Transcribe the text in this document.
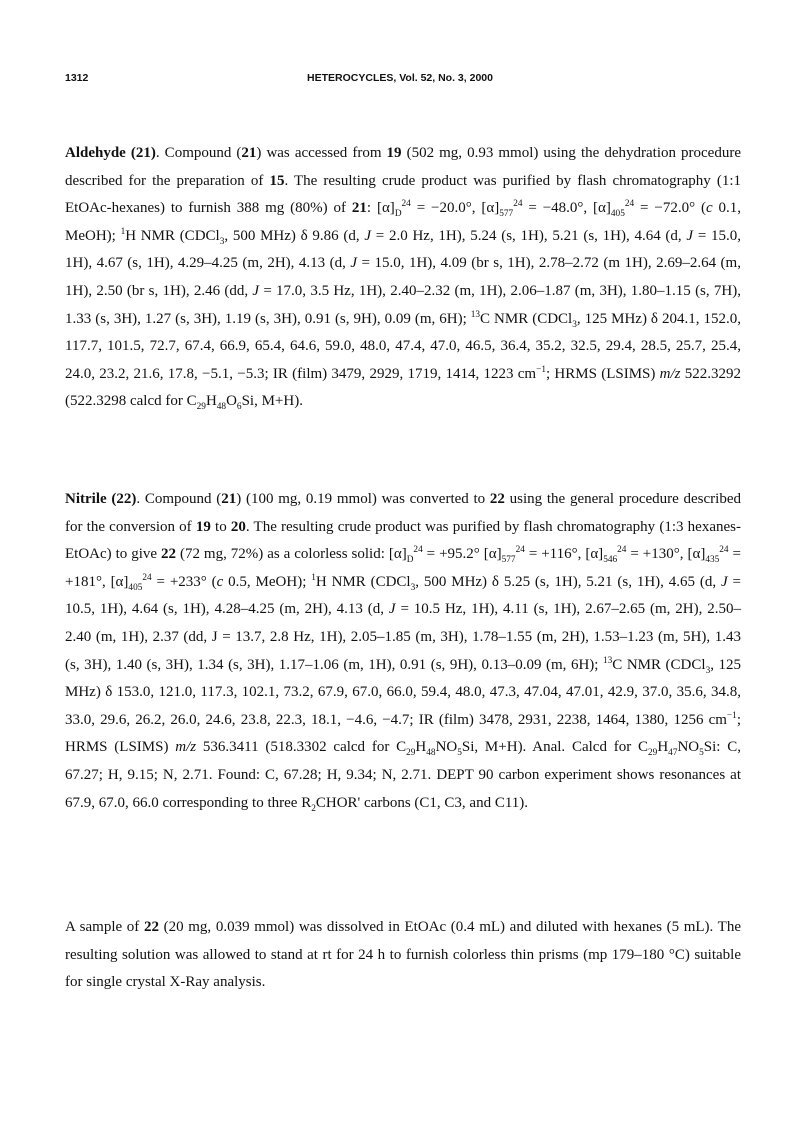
1312	HETEROCYCLES, Vol. 52, No. 3, 2000
Aldehyde (21). Compound (21) was accessed from 19 (502 mg, 0.93 mmol) using the dehydration procedure described for the preparation of 15. The resulting crude product was purified by flash chromatography (1:1 EtOAc-hexanes) to furnish 388 mg (80%) of 21: $[\alpha]_D^{24} = -20.0^\circ$, $[\alpha]_{577}^{24} = -48.0^\circ$, $[\alpha]_{405}^{24} = -72.0^\circ$ (c 0.1, MeOH); $^1$H NMR (CDCl$_3$, 500 MHz) δ 9.86 (d, J = 2.0 Hz, 1H), 5.24 (s, 1H), 5.21 (s, 1H), 4.64 (d, J = 15.0, 1H), 4.67 (s, 1H), 4.29–4.25 (m, 2H), 4.13 (d, J = 15.0, 1H), 4.09 (br s, 1H), 2.78–2.72 (m 1H), 2.69–2.64 (m, 1H), 2.50 (br s, 1H), 2.46 (dd, J = 17.0, 3.5 Hz, 1H), 2.40–2.32 (m, 1H), 2.06–1.87 (m, 3H), 1.80–1.15 (s, 7H), 1.33 (s, 3H), 1.27 (s, 3H), 1.19 (s, 3H), 0.91 (s, 9H), 0.09 (m, 6H); $^{13}$C NMR (CDCl$_3$, 125 MHz) δ 204.1, 152.0, 117.7, 101.5, 72.7, 67.4, 66.9, 65.4, 64.6, 59.0, 48.0, 47.4, 47.0, 46.5, 36.4, 35.2, 32.5, 29.4, 28.5, 25.7, 25.4, 24.0, 23.2, 21.6, 17.8, −5.1, −5.3; IR (film) 3479, 2929, 1719, 1414, 1223 $cm^{-1}$; HRMS (LSIMS) m/z 522.3292 (522.3298 calcd for $C_{29}H_{48}O_6Si$, M+H).
Nitrile (22). Compound (21) (100 mg, 0.19 mmol) was converted to 22 using the general procedure described for the conversion of 19 to 20. The resulting crude product was purified by flash chromatography (1:3 hexanes-EtOAc) to give 22 (72 mg, 72%) as a colorless solid: $[\alpha]_D^{24} = +95.2^\circ$ $[\alpha]_{577}^{24} = +116^\circ$, $[\alpha]_{546}^{24} = +130^\circ$, $[\alpha]_{435}^{24} = +181^\circ$, $[\alpha]_{405}^{24} = +233^\circ$ (c 0.5, MeOH); $^1$H NMR (CDCl$_3$, 500 MHz) δ 5.25 (s, 1H), 5.21 (s, 1H), 4.65 (d, J = 10.5, 1H), 4.64 (s, 1H), 4.28–4.25 (m, 2H), 4.13 (d, J = 10.5 Hz, 1H), 4.11 (s, 1H), 2.67–2.65 (m, 2H), 2.50–2.40 (m, 1H), 2.37 (dd, J = 13.7, 2.8 Hz, 1H), 2.05–1.85 (m, 3H), 1.78–1.55 (m, 2H), 1.53–1.23 (m, 5H), 1.43 (s, 3H), 1.40 (s, 3H), 1.34 (s, 3H), 1.17–1.06 (m, 1H), 0.91 (s, 9H), 0.13–0.09 (m, 6H); $^{13}$C NMR (CDCl$_3$, 125 MHz) δ 153.0, 121.0, 117.3, 102.1, 73.2, 67.9, 67.0, 66.0, 59.4, 48.0, 47.3, 47.04, 47.01, 42.9, 37.0, 35.6, 34.8, 33.0, 29.6, 26.2, 26.0, 24.6, 23.8, 22.3, 18.1, −4.6, −4.7; IR (film) 3478, 2931, 2238, 1464, 1380, 1256 $cm^{-1}$; HRMS (LSIMS) m/z 536.3411 (518.3302 calcd for $C_{29}H_{48}NO_5Si$, M+H). Anal. Calcd for $C_{29}H_{47}NO_5Si$: C, 67.27; H, 9.15; N, 2.71. Found: C, 67.28; H, 9.34; N, 2.71. DEPT 90 carbon experiment shows resonances at 67.9, 67.0, 66.0 corresponding to three $R_2CHOR'$ carbons (C1, C3, and C11).
A sample of 22 (20 mg, 0.039 mmol) was dissolved in EtOAc (0.4 mL) and diluted with hexanes (5 mL). The resulting solution was allowed to stand at rt for 24 h to furnish colorless thin prisms (mp 179–180 °C) suitable for single crystal X-Ray analysis.
